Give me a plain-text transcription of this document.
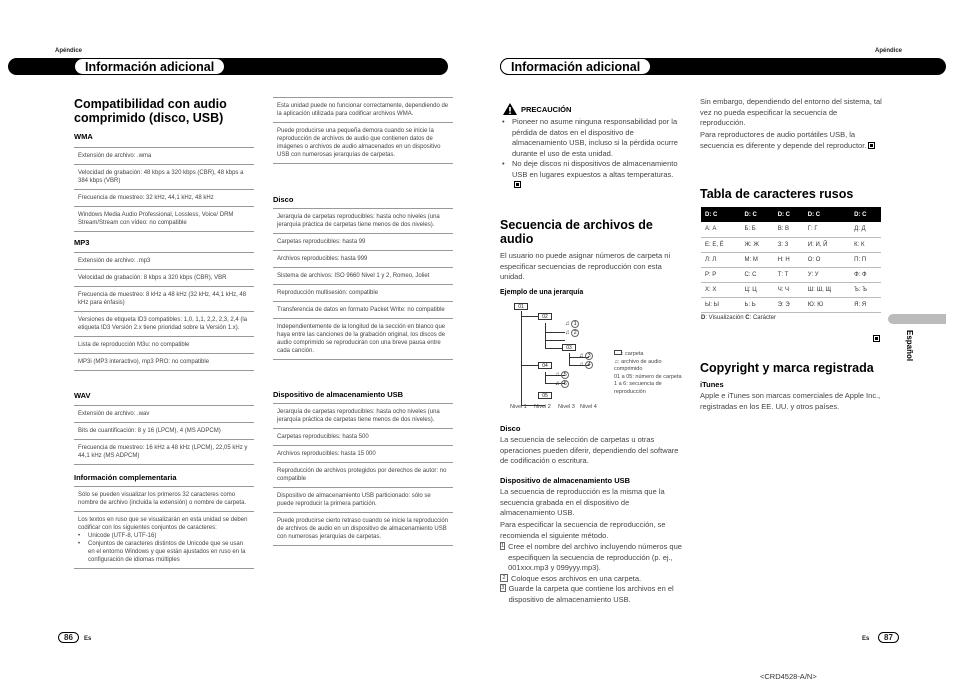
Apéndice	Apéndice
Información adicional	Información adicional
Compatibilidad con audio comprimido (disco, USB)
WMA
Extensión de archivo: .wma
Velocidad de grabación: 48 kbps a 320 kbps (CBR), 48 kbps a 384 kbps (VBR)
Frecuencia de muestreo: 32 kHz, 44,1 kHz, 48 kHz
Windows Media Audio Professional, Lossless, Voice/ DRM Stream/Stream con vídeo: no compatible
MP3
Extensión de archivo: .mp3
Velocidad de grabación: 8 kbps a 320 kbps (CBR), VBR
Frecuencia de muestreo: 8 kHz a 48 kHz (32 kHz, 44,1 kHz, 48 kHz para énfasis)
Versiones de etiqueta ID3 compatibles: 1,0, 1,1, 2,2, 2,3, 2,4 (la etiqueta ID3 Versión 2.x tiene prioridad sobre la Versión 1.x).
Lista de reproducción M3u: no compatible
MP3i (MP3 interactivo), mp3 PRO: no compatible
WAV
Extensión de archivo: .wav
Bits de cuantificación: 8 y 16 (LPCM), 4 (MS ADPCM)
Frecuencia de muestreo: 16 kHz a 48 kHz (LPCM), 22,05 kHz y 44,1 kHz (MS ADPCM)
Información complementaria
Sólo se pueden visualizar los primeros 32 caracteres como nombre de archivo (incluida la extensión) o nombre de carpeta.
Los textos en ruso que se visualizarán en esta unidad se deben codificar con los siguientes conjuntos de caracteres:
• Unicode (UTF-8, UTF-16)
• Conjuntos de caracteres distintos de Unicode que se usan en el entorno Windows y que están ajustados en ruso en la configuración de idiomas múltiples
Esta unidad puede no funcionar correctamente, dependiendo de la aplicación utilizada para codificar archivos WMA.
Puede producirse una pequeña demora cuando se inicie la reproducción de archivos de audio que contienen datos de imágenes o archivos de audio almacenados en un dispositivo USB con numerosas jerarquías de carpetas.
Disco
Jerarquía de carpetas reproducibles: hasta ocho niveles (una jerarquía práctica de carpetas tiene menos de dos niveles).
Carpetas reproducibles: hasta 99
Archivos reproducibles: hasta 999
Sistema de archivos: ISO 9660 Nivel 1 y 2, Romeo, Joliet
Reproducción multisesión: compatible
Transferencia de datos en formato Packet Write: no compatible
Independientemente de la longitud de la sección en blanco que haya entre las canciones de la grabación original, los discos de audio comprimido se reproducirán con una breve pausa entre cada canción.
Dispositivo de almacenamiento USB
Jerarquía de carpetas reproducibles: hasta ocho niveles (una jerarquía práctica de carpetas tiene menos de dos niveles).
Carpetas reproducibles: hasta 500
Archivos reproducibles: hasta 15 000
Reproducción de archivos protegidos por derechos de autor: no compatible
Dispositivo de almacenamiento USB particionado: sólo se puede reproducir la primera partición.
Puede producirse cierto retraso cuando se inicie la reproducción de archivos de audio en un dispositivo de almacenamiento USB con numerosas jerarquías de carpetas.
PRECAUCIÓN
• Pioneer no asume ninguna responsabilidad por la pérdida de datos en el dispositivo de almacenamiento USB, incluso si la pérdida ocurre durante el uso de esta unidad.
• No deje discos ni dispositivos de almacenamiento USB en lugares expuestos a altas temperaturas.
Secuencia de archivos de audio
El usuario no puede asignar números de carpeta ni especificar secuencias de reproducción con esta unidad.
Ejemplo de una jerarquía
01
02
03
04
05
♫ 1
♫ 2
♫ 3
♫ 4
♫ 5
♫ 6
Nivel 1 Nivel 2 Nivel 3 Nivel 4
: carpeta
♫: archivo de audio comprimido
01 a 05: número de carpeta
1 a 6: secuencia de reproducción
Disco
La secuencia de selección de carpetas u otras operaciones pueden diferir, dependiendo del software de codificación o escritura.
Dispositivo de almacenamiento USB
La secuencia de reproducción es la misma que la secuencia grabada en el dispositivo de almacenamiento USB.
Para especificar la secuencia de reproducción, se recomienda el siguiente método.
1 Cree el nombre del archivo incluyendo números que especifiquen la secuencia de reproducción (p. ej., 001xxx.mp3 y 099yyy.mp3).
2 Coloque esos archivos en una carpeta.
3 Guarde la carpeta que contiene los archivos en el dispositivo de almacenamiento USB.
Sin embargo, dependiendo del entorno del sistema, tal vez no pueda especificar la secuencia de reproducción.
Para reproductores de audio portátiles USB, la secuencia es diferente y depende del reproductor.
Tabla de caracteres rusos
D: C	D: C	D: C	D: C	D: C
А: А	Б: Б	В: В	Г: Г	Д: Д
Е: Е, Ё	Ж: Ж	З: З	И: И, Й	К: К
Л: Л	М: М	Н: Н	О: О	П: П
Р: Р	С: С	Т: Т	У: У	Ф: Ф
Х: Х	Ц: Ц	Ч: Ч	Ш: Ш, Щ	Ъ: Ъ
Ы: Ы	Ь: Ь	Э: Э	Ю: Ю	Я: Я
D: Visualización C: Carácter
Español
Copyright y marca registrada
iTunes
Apple e iTunes son marcas comerciales de Apple Inc., registradas en los EE. UU. y otros países.
86	Es	Es	87
<CRD4528-A/N>
